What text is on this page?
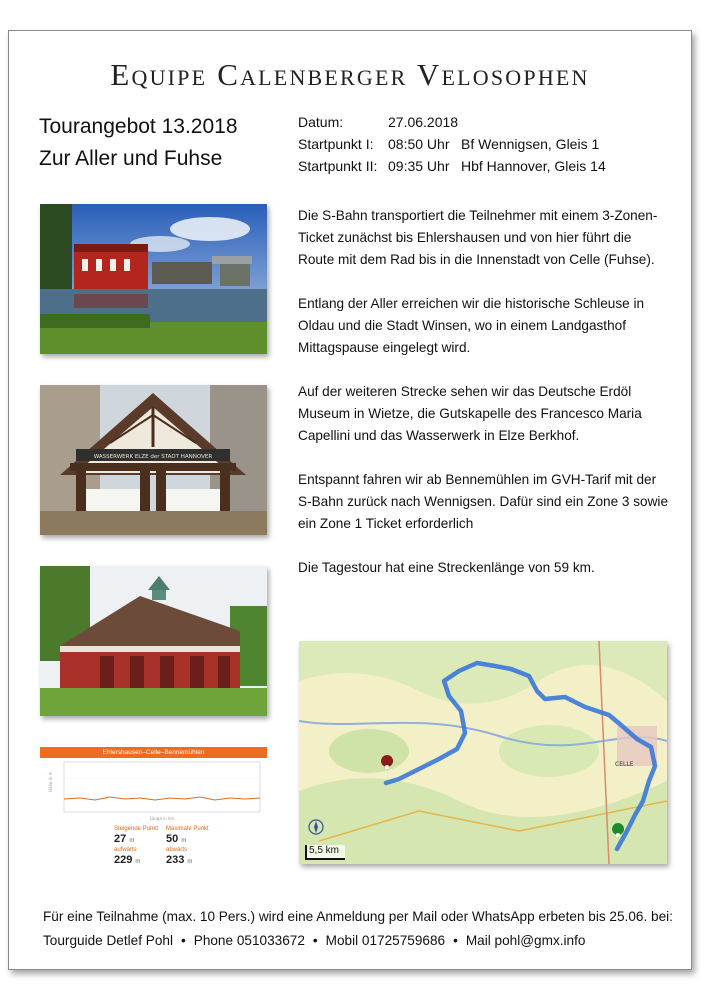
Equipe Calenberger Velosophen
Tourangebot 13.2018
Zur Aller und Fuhse
Datum:	27.06.2018
Startpunkt I:	08:50 Uhr Bf Wennigsen, Gleis 1
Startpunkt II: 09:35 Uhr Hbf Hannover, Gleis 14

Die S-Bahn transportiert die Teilnehmer mit einem 3-Zonen-Ticket zunächst bis Ehlershausen und von hier führt die Route mit dem Rad bis in die Innenstadt von Celle (Fuhse).

Entlang der Aller erreichen wir die historische Schleuse in Oldau und die Stadt Winsen, wo in einem Landgasthof Mittagspause eingelegt wird.

Auf der weiteren Strecke sehen wir das Deutsche Erdöl Museum in Wietze, die Gutskapelle des Francesco Maria Capellini und das Wasserwerk in Elze Berkhof.

Entspannt fahren wir ab Bennemühlen im GVH-Tarif mit der S-Bahn zurück nach Wennigsen. Dafür sind ein Zone 3 sowie ein Zone 1 Ticket erforderlich

Die Tagestour hat eine Streckenlänge von 59 km.

WASSERWERK ELZE der STADT HANNOVER
Ehlershausen–Celle–Bennemühlen
Höhe in m
Länge in km
Steigende Punkt
27 m
aufwärts
229 m
Maximale Punkt
50 m
abwärts
233 m
CELLE
5,5 km
Für eine Teilnahme (max. 10 Pers.) wird eine Anmeldung per Mail oder WhatsApp erbeten bis 25.06. bei:
Tourguide Detlef Pohl • Phone 051033672 • Mobil 01725759686 • Mail pohl@gmx.info
